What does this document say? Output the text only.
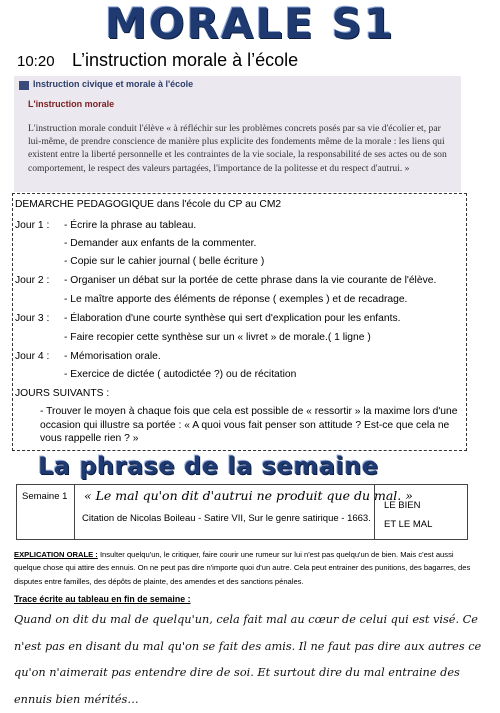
MORALE S1
10:20 L’instruction morale à l’école
Instruction civique et morale à l'école
L'instruction morale
L'instruction morale conduit l'élève « à réfléchir sur les problèmes concrets posés par sa vie d'écolier et, par lui-même, de prendre conscience de manière plus explicite des fondements même de la morale : les liens qui existent entre la liberté personnelle et les contraintes de la vie sociale, la responsabilité de ses actes ou de son comportement, le respect des valeurs partagées, l'importance de la politesse et du respect d'autrui. »
DEMARCHE PEDAGOGIQUE dans l'école du CP au CM2
Jour 1 : - Écrire la phrase au tableau.
- Demander aux enfants de la commenter.
- Copie sur le cahier journal ( belle écriture )
Jour 2 : - Organiser un débat sur la portée de cette phrase dans la vie courante de l'élève.
- Le maître apporte des éléments de réponse ( exemples ) et de recadrage.
Jour 3 : - Élaboration d'une courte synthèse qui sert d'explication pour les enfants.
- Faire recopier cette synthèse sur un « livret » de morale.( 1 ligne )
Jour 4 : - Mémorisation orale.
- Exercice de dictée ( autodictée ?) ou de récitation
JOURS SUIVANTS :
- Trouver le moyen à chaque fois que cela est possible de « ressortir » la maxime lors d'une occasion qui illustre sa portée : « A quoi vous fait penser son attitude ? Est-ce que cela ne vous rappelle rien ? »
La phrase de la semaine
Semaine 1 « Le mal qu'on dit d'autrui ne produit que du mal. »
Citation de Nicolas Boileau - Satire VII, Sur le genre satirique - 1663.
LE BIEN
ET LE MAL
EXPLICATION ORALE : Insulter quelqu'un, le critiquer, faire courir une rumeur sur lui n'est pas quelqu'un de bien. Mais c'est aussi quelque chose qui attire des ennuis. On ne peut pas dire n'importe quoi d'un autre. Cela peut entrainer des punitions, des bagarres, des disputes entre familles, des dépôts de plainte, des amendes et des sanctions pénales.
Trace écrite au tableau en fin de semaine :
Quand on dit du mal de quelqu'un, cela fait mal au cœur de celui qui est visé. Ce n'est pas en disant du mal qu'on se fait des amis. Il ne faut pas dire aux autres ce qu'on n'aimerait pas entendre dire de soi. Et surtout dire du mal entraine des ennuis bien mérités…
